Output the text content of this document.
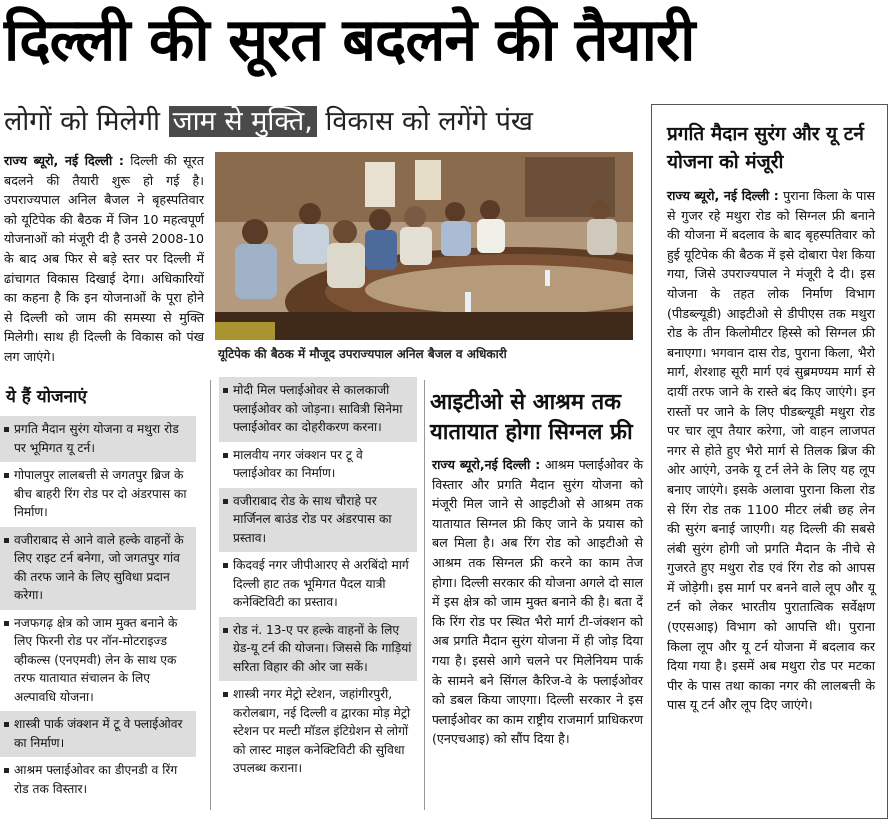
दिल्ली की सूरत बदलने की तैयारी
लोगों को मिलेगी जाम से मुक्ति, विकास को लगेंगे पंख
राज्य ब्यूरो, नई दिल्ली : दिल्ली की सूरत बदलने की तैयारी शुरू हो गई है। उपराज्यपाल अनिल बैजल ने बृहस्पतिवार को यूटिपेक की बैठक में जिन 10 महत्वपूर्ण योजनाओं को मंजूरी दी है उनसे 2008-10 के बाद अब फिर से बड़े स्तर पर दिल्ली में ढांचागत विकास दिखाई देगा। अधिकारियों का कहना है कि इन योजनाओं के पूरा होने से दिल्ली को जाम की समस्या से मुक्ति मिलेगी। साथ ही दिल्ली के विकास को पंख लग जाएंगे।	यूटिपेक की बैठक में मौजूद उपराज्यपाल अनिल बैजल व अधिकारी
ये हैं योजनाएं
प्रगति मैदान सुरंग योजना व मथुरा रोड पर भूमिगत यू टर्न।
गोपालपुर लालबत्ती से जगतपुर ब्रिज के बीच बाहरी रिंग रोड पर दो अंडरपास का निर्माण।
वजीराबाद से आने वाले हल्के वाहनों के लिए राइट टर्न बनेगा, जो जगतपुर गांव की तरफ जाने के लिए सुविधा प्रदान करेगा।
नजफगढ़ क्षेत्र को जाम मुक्त बनाने के लिए फिरनी रोड पर नॉन-मोटराइज्ड व्हीकल्स (एनएमवी) लेन के साथ एक तरफ यातायात संचालन के लिए अल्पावधि योजना।
शास्त्री पार्क जंक्शन में टू वे फ्लाईओवर का निर्माण।
आश्रम फ्लाईओवर का डीएनडी व रिंग रोड तक विस्तार।
मोदी मिल फ्लाईओवर से कालकाजी फ्लाईओवर को जोड़ना। सावित्री सिनेमा फ्लाईओवर का दोहरीकरण करना।
मालवीय नगर जंक्शन पर टू वे फ्लाईओवर का निर्माण।
वजीराबाद रोड के साथ चौराहे पर मार्जिनल बाउंड रोड पर अंडरपास का प्रस्ताव।
किदवई नगर जीपीआरए से अरबिंदो मार्ग दिल्ली हाट तक भूमिगत पैदल यात्री कनेक्टिविटी का प्रस्ताव।
रोड नं. 13-ए पर हल्के वाहनों के लिए ग्रेड-यू टर्न की योजना। जिससे कि गाड़ियां सरिता विहार की ओर जा सकें।
शास्त्री नगर मेट्रो स्टेशन, जहांगीरपुरी, करोलबाग, नई दिल्ली व द्वारका मोड़ मेट्रो स्टेशन पर मल्टी मॉडल इंटिग्रेशन से लोगों को लास्ट माइल कनेक्टिविटी की सुविधा उपलब्ध कराना।
आइटीओ से आश्रम तक यातायात होगा सिग्नल फ्री
राज्य ब्यूरो,नई दिल्ली : आश्रम फ्लाईओवर के विस्तार और प्रगति मैदान सुरंग योजना को मंजूरी मिल जाने से आइटीओ से आश्रम तक यातायात सिग्नल फ्री किए जाने के प्रयास को बल मिला है। अब रिंग रोड को आइटीओ से आश्रम तक सिग्नल फ्री करने का काम तेज होगा। दिल्ली सरकार की योजना अगले दो साल में इस क्षेत्र को जाम मुक्त बनाने की है। बता दें कि रिंग रोड पर स्थित भैरो मार्ग टी-जंक्शन को अब प्रगति मैदान सुरंग योजना में ही जोड़ दिया गया है। इससे आगे चलने पर मिलेनियम पार्क के सामने बने सिंगल कैरिज-वे के फ्लाईओवर को डबल किया जाएगा। दिल्ली सरकार ने इस फ्लाईओवर का काम राष्ट्रीय राजमार्ग प्राधिकरण (एनएचआइ) को सौंप दिया है।
प्रगति मैदान सुरंग और यू टर्न योजना को मंजूरी
राज्य ब्यूरो, नई दिल्ली : पुराना किला के पास से गुजर रहे मथुरा रोड को सिग्नल फ्री बनाने की योजना में बदलाव के बाद बृहस्पतिवार को हुई यूटिपेक की बैठक में इसे दोबारा पेश किया गया, जिसे उपराज्यपाल ने मंजूरी दे दी। इस योजना के तहत लोक निर्माण विभाग (पीडब्ल्यूडी) आइटीओ से डीपीएस तक मथुरा रोड के तीन किलोमीटर हिस्से को सिग्नल फ्री बनाएगा। भगवान दास रोड, पुराना किला, भैरो मार्ग, शेरशाह सूरी मार्ग एवं सुब्रमण्यम मार्ग से दायीं तरफ जाने के रास्ते बंद किए जाएंगे। इन रास्तों पर जाने के लिए पीडब्ल्यूडी मथुरा रोड पर चार लूप तैयार करेगा, जो वाहन लाजपत नगर से होते हुए भैरो मार्ग से तिलक ब्रिज की ओर आएंगे, उनके यू टर्न लेने के लिए यह लूप बनाए जाएंगे। इसके अलावा पुराना किला रोड से रिंग रोड तक 1100 मीटर लंबी छह लेन की सुरंग बनाई जाएगी। यह दिल्ली की सबसे लंबी सुरंग होगी जो प्रगति मैदान के नीचे से गुजरते हुए मथुरा रोड एवं रिंग रोड को आपस में जोड़ेगी। इस मार्ग पर बनने वाले लूप और यू टर्न को लेकर भारतीय पुरातात्विक सर्वेक्षण (एएसआइ) विभाग को आपत्ति थी। पुराना किला लूप और यू टर्न योजना में बदलाव कर दिया गया है। इसमें अब मथुरा रोड पर मटका पीर के पास तथा काका नगर की लालबत्ती के पास यू टर्न और लूप दिए जाएंगे।
